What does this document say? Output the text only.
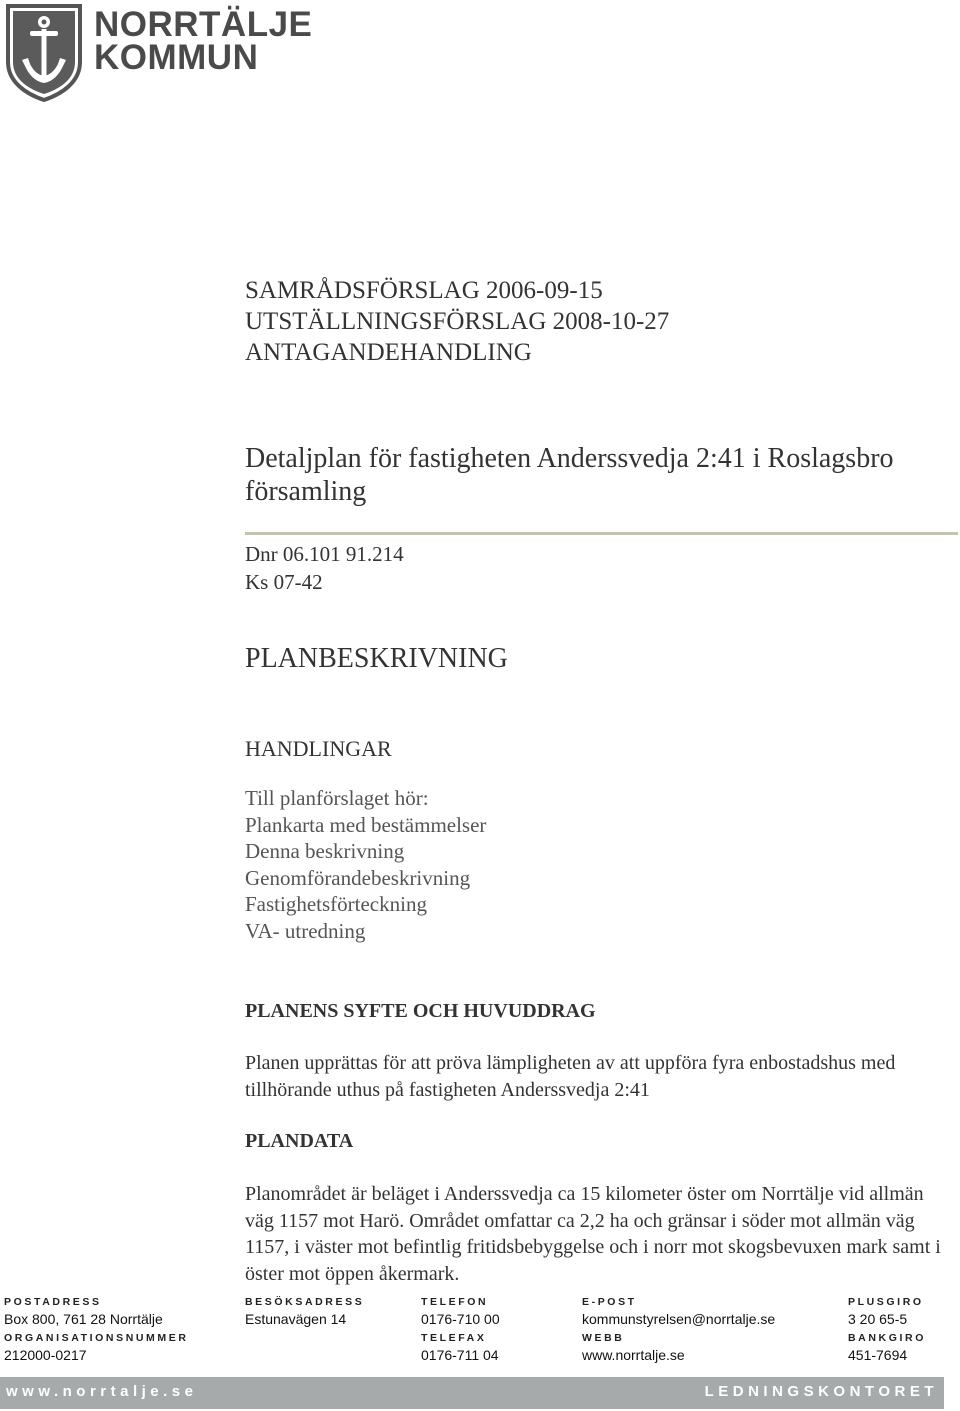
NORRTÄLJE
KOMMUN
SAMRÅDSFÖRSLAG 2006-09-15
UTSTÄLLNINGSFÖRSLAG 2008-10-27
ANTAGANDEHANDLING
Detaljplan för fastigheten Anderssvedja 2:41 i Roslagsbro församling
Dnr 06.101 91.214
Ks 07-42
PLANBESKRIVNING
HANDLINGAR
Till planförslaget hör:
Plankarta med bestämmelser
Denna beskrivning
Genomförandebeskrivning
Fastighetsförteckning
VA- utredning
PLANENS SYFTE OCH HUVUDDRAG
Planen upprättas för att pröva lämpligheten av att uppföra fyra enbostadshus med tillhörande uthus på fastigheten Anderssvedja 2:41
PLANDATA
Planområdet är beläget i Anderssvedja ca 15 kilometer öster om Norrtälje vid allmän väg 1157 mot Harö. Området omfattar ca 2,2 ha och gränsar i söder mot allmän väg 1157, i väster mot befintlig fritidsbebyggelse och i norr mot skogsbevuxen mark samt i öster mot öppen åkermark.
POSTADRESS
Box 800, 761 28 Norrtälje
ORGANISATIONSNUMMER
212000-0217
BESÖKSADRESS
Estunavägen 14
TELEFON
0176-710 00
TELEFAX
0176-711 04
E-POST
kommunstyrelsen@norrtalje.se
WEBB
www.norrtalje.se
PLUSGIRO
3 20 65-5
BANKGIRO
451-7694
www.norrtalje.se	LEDNINGSKONTORET
